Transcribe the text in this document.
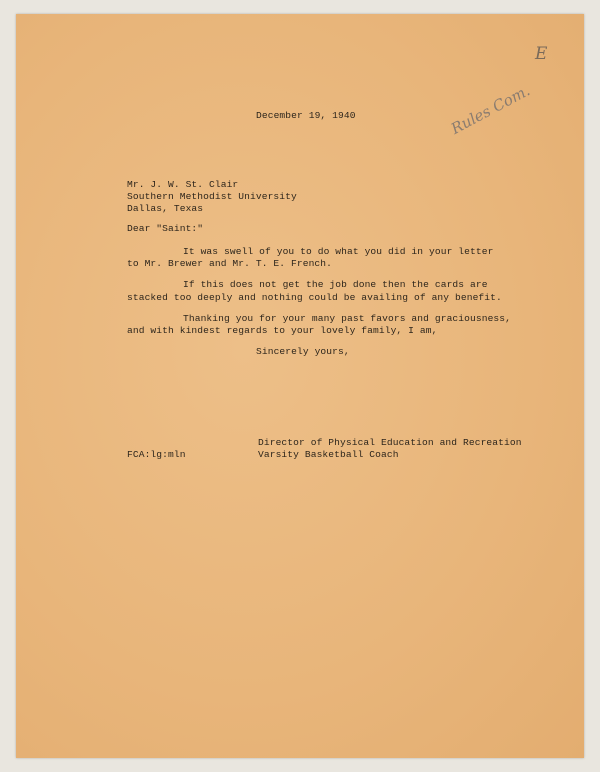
E
Rules Com.
December 19, 1940
Mr. J. W. St. Clair
Southern Methodist University
Dallas, Texas
Dear "Saint:"
It was swell of you to do what you did in your letter
to Mr. Brewer and Mr. T. E. French.
If this does not get the job done then the cards are
stacked too deeply and nothing could be availing of any benefit.
Thanking you for your many past favors and graciousness,
and with kindest regards to your lovely family, I am,
Sincerely yours,
Director of Physical Education and Recreation
Varsity Basketball Coach
FCA:lg:mln
